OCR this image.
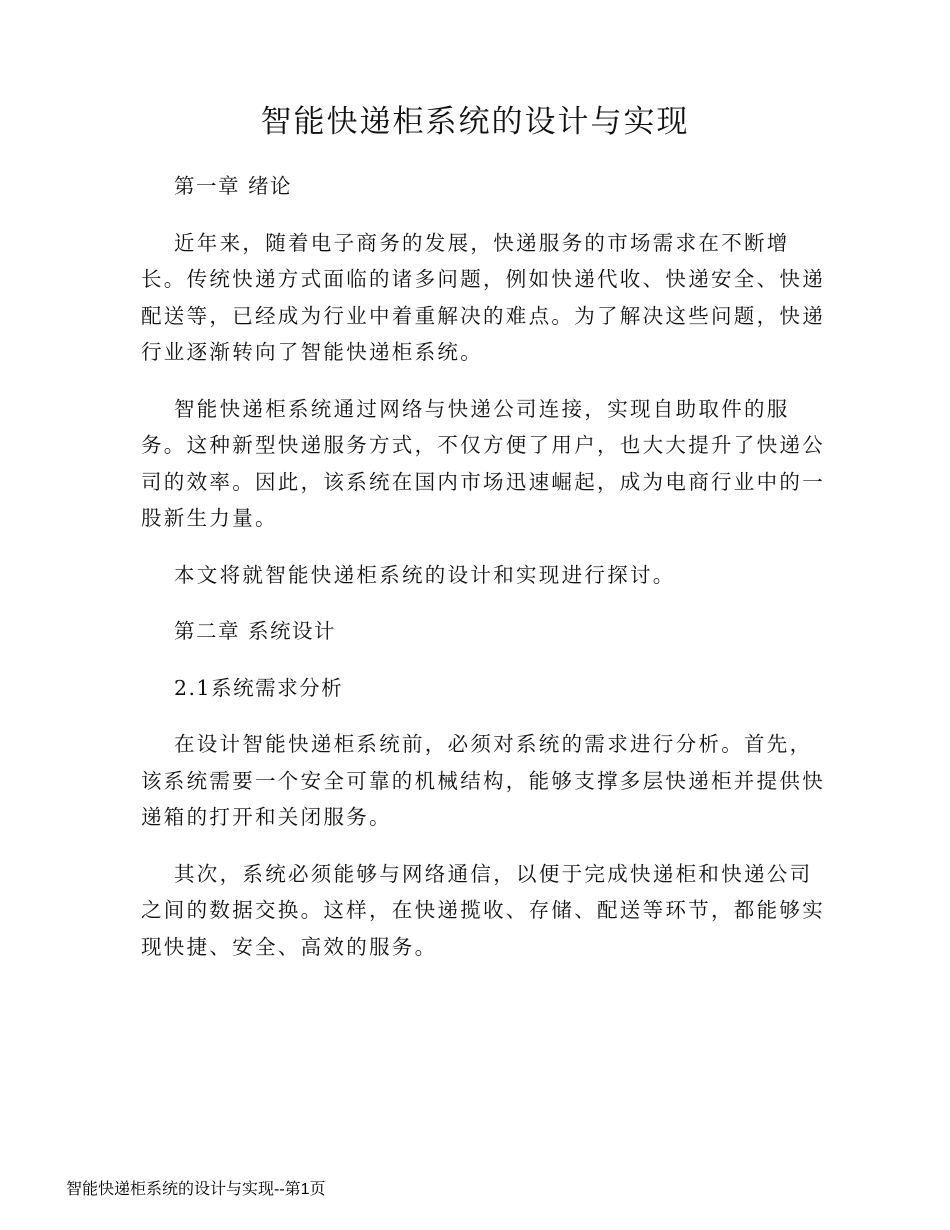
智能快递柜系统的设计与实现

第一章 绪论

近年来，随着电子商务的发展，快递服务的市场需求在不断增长。传统快递方式面临的诸多问题，例如快递代收、快递安全、快递配送等，已经成为行业中着重解决的难点。为了解决这些问题，快递行业逐渐转向了智能快递柜系统。

智能快递柜系统通过网络与快递公司连接，实现自助取件的服务。这种新型快递服务方式，不仅方便了用户，也大大提升了快递公司的效率。因此，该系统在国内市场迅速崛起，成为电商行业中的一股新生力量。

本文将就智能快递柜系统的设计和实现进行探讨。

第二章 系统设计

2.1系统需求分析

在设计智能快递柜系统前，必须对系统的需求进行分析。首先，该系统需要一个安全可靠的机械结构，能够支撑多层快递柜并提供快递箱的打开和关闭服务。

其次，系统必须能够与网络通信，以便于完成快递柜和快递公司之间的数据交换。这样，在快递揽收、存储、配送等环节，都能够实现快捷、安全、高效的服务。

智能快递柜系统的设计与实现--第1页
